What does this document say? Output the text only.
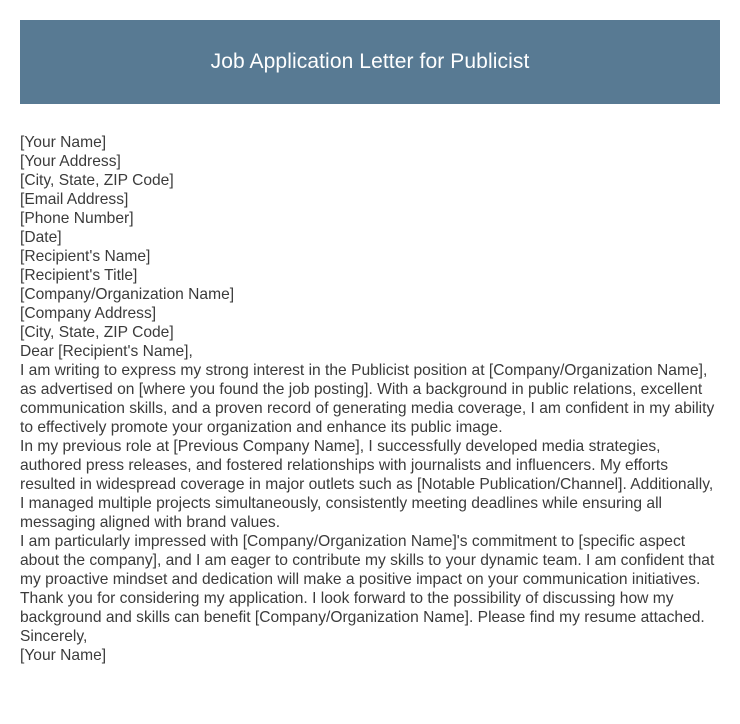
Job Application Letter for Publicist
[Your Name]
[Your Address]
[City, State, ZIP Code]
[Email Address]
[Phone Number]
[Date]
[Recipient's Name]
[Recipient's Title]
[Company/Organization Name]
[Company Address]
[City, State, ZIP Code]
Dear [Recipient's Name],

I am writing to express my strong interest in the Publicist position at [Company/Organization Name], as advertised on [where you found the job posting]. With a background in public relations, excellent communication skills, and a proven record of generating media coverage, I am confident in my ability to effectively promote your organization and enhance its public image.

In my previous role at [Previous Company Name], I successfully developed media strategies, authored press releases, and fostered relationships with journalists and influencers. My efforts resulted in widespread coverage in major outlets such as [Notable Publication/Channel]. Additionally, I managed multiple projects simultaneously, consistently meeting deadlines while ensuring all messaging aligned with brand values.

I am particularly impressed with [Company/Organization Name]'s commitment to [specific aspect about the company], and I am eager to contribute my skills to your dynamic team. I am confident that my proactive mindset and dedication will make a positive impact on your communication initiatives.

Thank you for considering my application. I look forward to the possibility of discussing how my background and skills can benefit [Company/Organization Name]. Please find my resume attached.

Sincerely,
[Your Name]
